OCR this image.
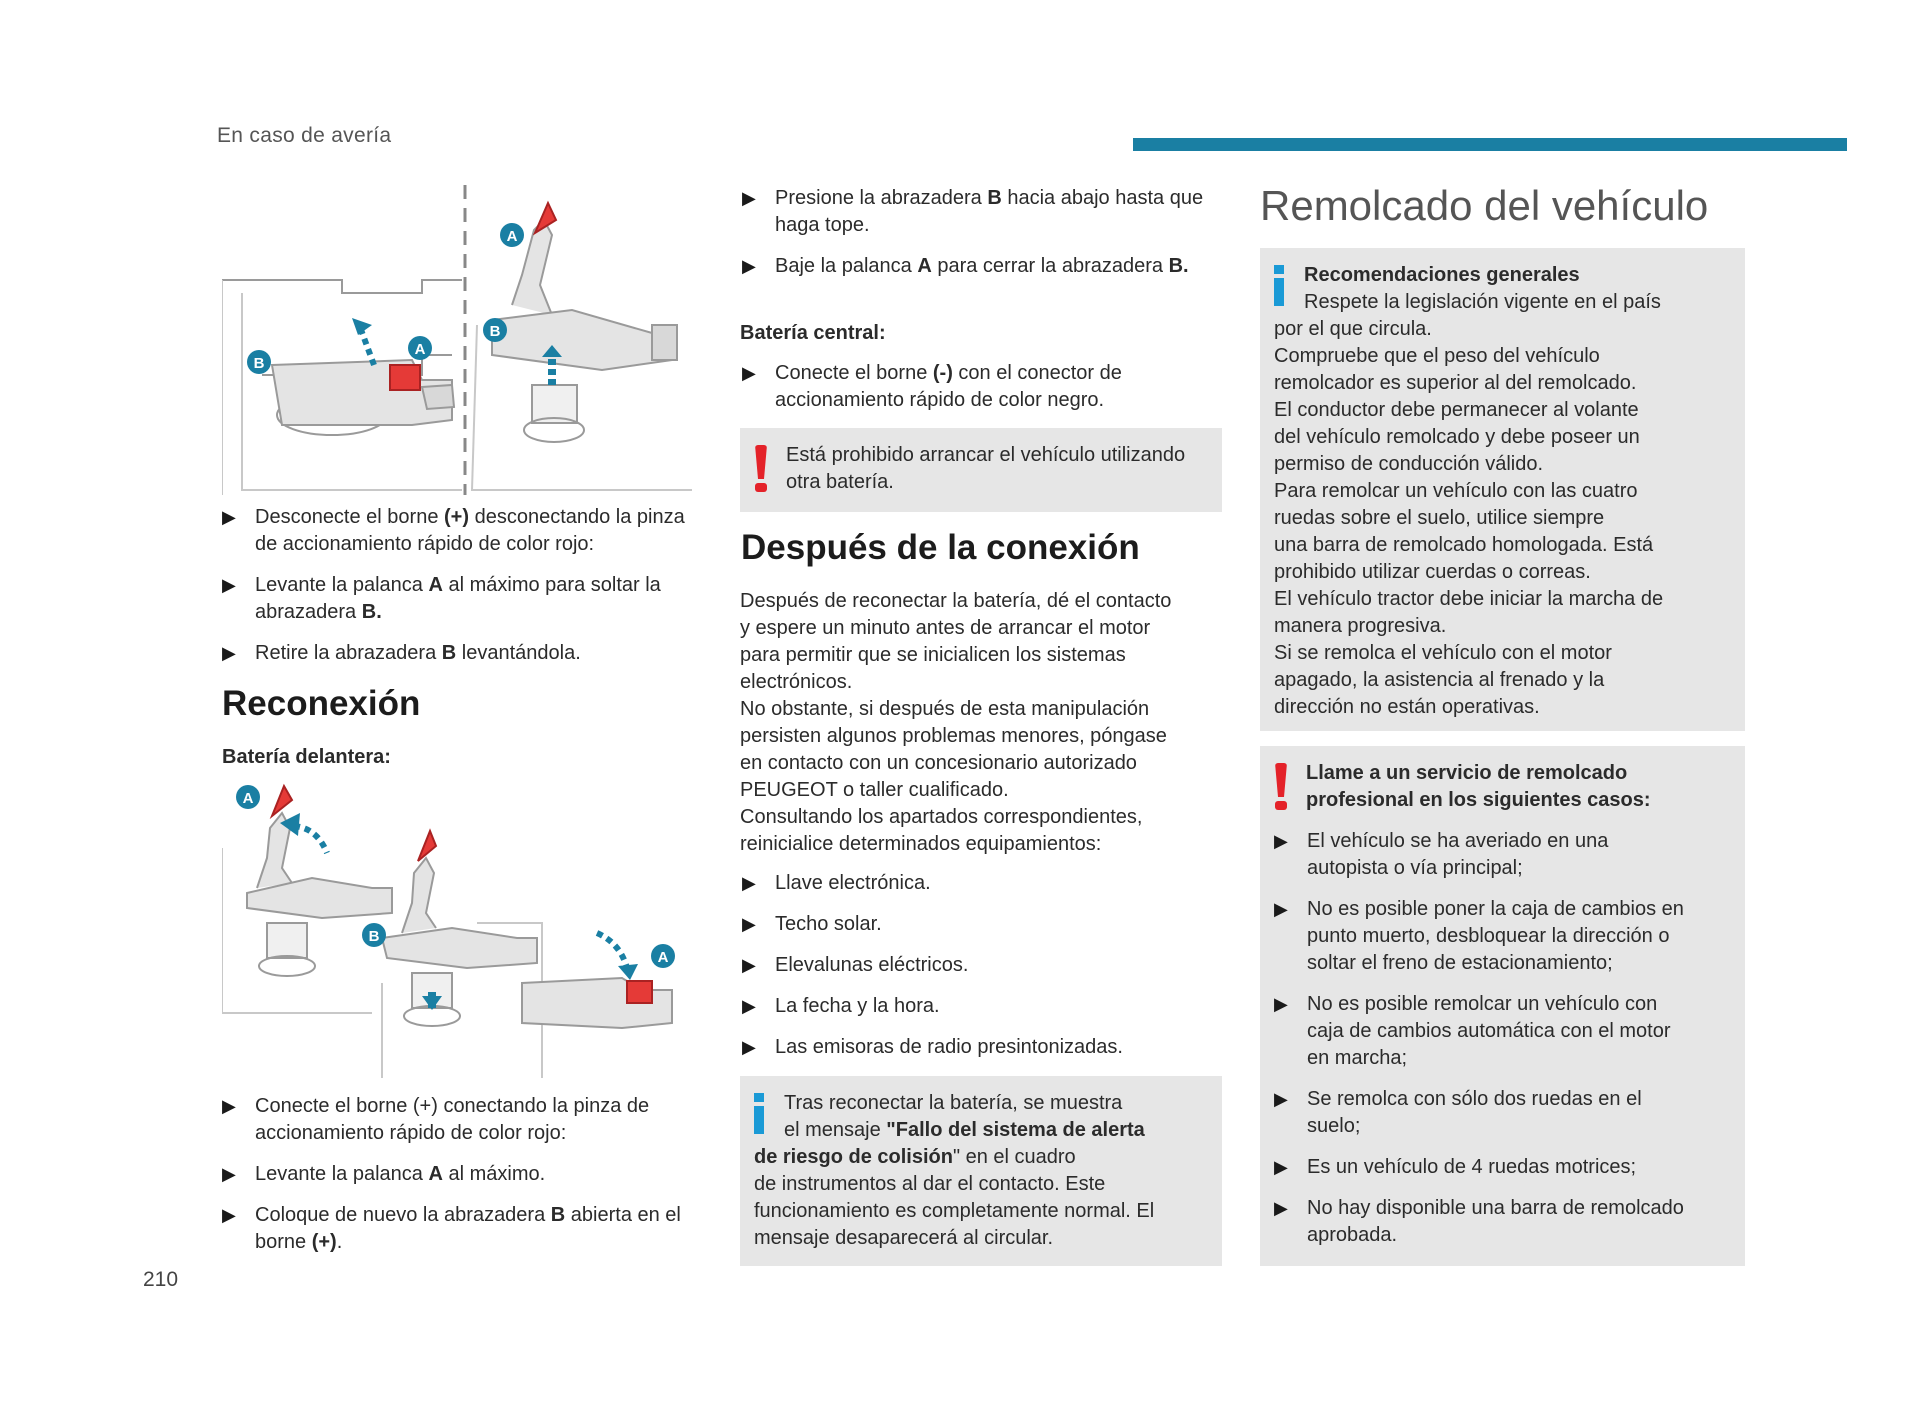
En caso de avería
210
B
A
A
B
▶ Desconecte el borne (+) desconectando la pinza de accionamiento rápido de color rojo:
▶ Levante la palanca A al máximo para soltar la abrazadera B.
▶ Retire la abrazadera B levantándola.
Reconexión
Batería delantera:
A
B
A
▶ Conecte el borne (+) conectando la pinza de accionamiento rápido de color rojo:
▶ Levante la palanca A al máximo.
▶ Coloque de nuevo la abrazadera B abierta en el borne (+).
▶ Presione la abrazadera B hacia abajo hasta que haga tope.
▶ Baje la palanca A para cerrar la abrazadera B.
Batería central:
▶ Conecte el borne (-) con el conector de accionamiento rápido de color negro.
Está prohibido arrancar el vehículo utilizando otra batería.
Después de la conexión
Después de reconectar la batería, dé el contacto
y espere un minuto antes de arrancar el motor
para permitir que se inicialicen los sistemas
electrónicos.
No obstante, si después de esta manipulación
persisten algunos problemas menores, póngase
en contacto con un concesionario autorizado
PEUGEOT o taller cualificado.
Consultando los apartados correspondientes,
reinicialice determinados equipamientos:
▶ Llave electrónica.
▶ Techo solar.
▶ Elevalunas eléctricos.
▶ La fecha y la hora.
▶ Las emisoras de radio presintonizadas.
Tras reconectar la batería, se muestra
el mensaje "Fallo del sistema de alerta
de riesgo de colisión" en el cuadro
de instrumentos al dar el contacto. Este
funcionamiento es completamente normal. El
mensaje desaparecerá al circular.
Remolcado del vehículo
Recomendaciones generales
Respete la legislación vigente en el país
por el que circula.
Compruebe que el peso del vehículo
remolcador es superior al del remolcado.
El conductor debe permanecer al volante
del vehículo remolcado y debe poseer un
permiso de conducción válido.
Para remolcar un vehículo con las cuatro
ruedas sobre el suelo, utilice siempre
una barra de remolcado homologada. Está
prohibido utilizar cuerdas o correas.
El vehículo tractor debe iniciar la marcha de
manera progresiva.
Si se remolca el vehículo con el motor
apagado, la asistencia al frenado y la
dirección no están operativas.
Llame a un servicio de remolcado
profesional en los siguientes casos:
▶ El vehículo se ha averiado en una
autopista o vía principal;
▶ No es posible poner la caja de cambios en
punto muerto, desbloquear la dirección o
soltar el freno de estacionamiento;
▶ No es posible remolcar un vehículo con
caja de cambios automática con el motor
en marcha;
▶ Se remolca con sólo dos ruedas en el
suelo;
▶ Es un vehículo de 4 ruedas motrices;
▶ No hay disponible una barra de remolcado
aprobada.
